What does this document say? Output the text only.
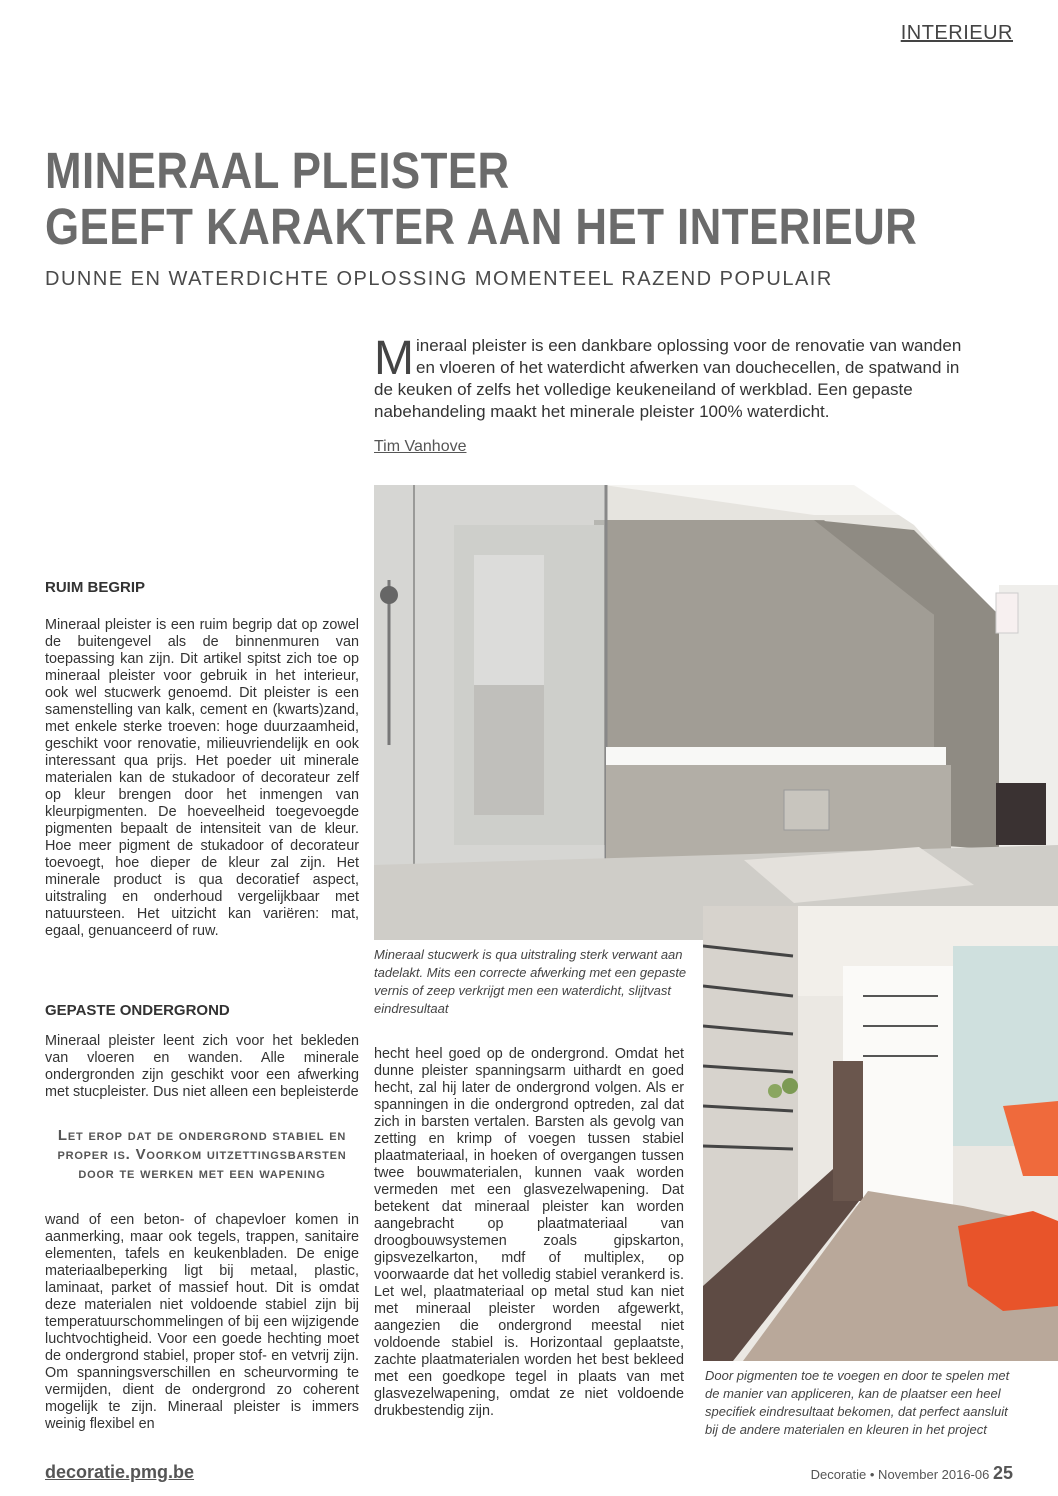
INTERIEUR
MINERAAL PLEISTER
GEEFT KARAKTER AAN HET INTERIEUR
DUNNE EN WATERDICHTE OPLOSSING MOMENTEEL RAZEND POPULAIR
Mineraal pleister is een dankbare oplossing voor de renovatie van wanden en vloeren of het waterdicht afwerken van douchecellen, de spatwand in de keuken of zelfs het volledige keukeneiland of werkblad. Een gepaste nabehandeling maakt het minerale pleister 100% waterdicht.
Tim Vanhove
Mineraal stucwerk is qua uitstraling sterk verwant aan tadelakt. Mits een correcte afwerking met een gepaste vernis of zeep verkrijgt men een waterdicht, slijtvast eindresultaat
Door pigmenten toe te voegen en door te spelen met de manier van appliceren, kan de plaatser een heel specifiek eindresultaat bekomen, dat perfect aansluit bij de andere materialen en kleuren in het project
RUIM BEGRIP
Mineraal pleister is een ruim begrip dat op zowel de buitengevel als de binnenmuren van toepassing kan zijn. Dit artikel spitst zich toe op mineraal pleister voor gebruik in het interieur, ook wel stucwerk genoemd. Dit pleister is een samenstelling van kalk, cement en (kwarts)zand, met enkele sterke troeven: hoge duurzaamheid, geschikt voor renovatie, milieuvriendelijk en ook interessant qua prijs. Het poeder uit minerale materialen kan de stukadoor of decorateur zelf op kleur brengen door het inmengen van kleurpigmenten. De hoeveelheid toegevoegde pigmenten bepaalt de intensiteit van de kleur. Hoe meer pigment de stukadoor of decorateur toevoegt, hoe dieper de kleur zal zijn. Het minerale product is qua decoratief aspect, uitstraling en onderhoud vergelijkbaar met natuursteen. Het uitzicht kan variëren: mat, egaal, genuanceerd of ruw.
GEPASTE ONDERGROND
Mineraal pleister leent zich voor het bekleden van vloeren en wanden. Alle minerale ondergronden zijn geschikt voor een afwerking met stucpleister. Dus niet alleen een bepleisterde
Let erop dat de ondergrond stabiel en proper is. Voorkom uitzettingsbarsten door te werken met een wapening
wand of een beton- of chapevloer komen in aanmerking, maar ook tegels, trappen, sanitaire elementen, tafels en keukenbladen. De enige materiaalbeperking ligt bij metaal, plastic, laminaat, parket of massief hout. Dit is omdat deze materialen niet voldoende stabiel zijn bij temperatuurschommelingen of bij een wijzigende luchtvochtigheid. Voor een goede hechting moet de ondergrond stabiel, proper stof- en vetvrij zijn. Om spanningsverschillen en scheurvorming te vermijden, dient de ondergrond zo coherent mogelijk te zijn. Mineraal pleister is immers weinig flexibel en
hecht heel goed op de ondergrond. Omdat het dunne pleister spanningsarm uithardt en goed hecht, zal hij later de ondergrond volgen. Als er spanningen in die ondergrond optreden, zal dat zich in barsten vertalen. Barsten als gevolg van zetting en krimp of voegen tussen stabiel plaatmateriaal, in hoeken of overgangen tussen twee bouwmaterialen, kunnen vaak worden vermeden met een glasvezelwapening. Dat betekent dat mineraal pleister kan worden aangebracht op plaatmateriaal van droogbouwsystemen zoals gipskarton, gipsvezelkarton, mdf of multiplex, op voorwaarde dat het volledig stabiel verankerd is. Let wel, plaatmateriaal op metal stud kan niet met mineraal pleister worden afgewerkt, aangezien die ondergrond meestal niet voldoende stabiel is. Horizontaal geplaatste, zachte plaatmaterialen worden het best bekleed met een goedkope tegel in plaats van met glasvezelwapening, omdat ze niet voldoende drukbestendig zijn.
decoratie.pmg.be	Decoratie • November 2016-06 25
